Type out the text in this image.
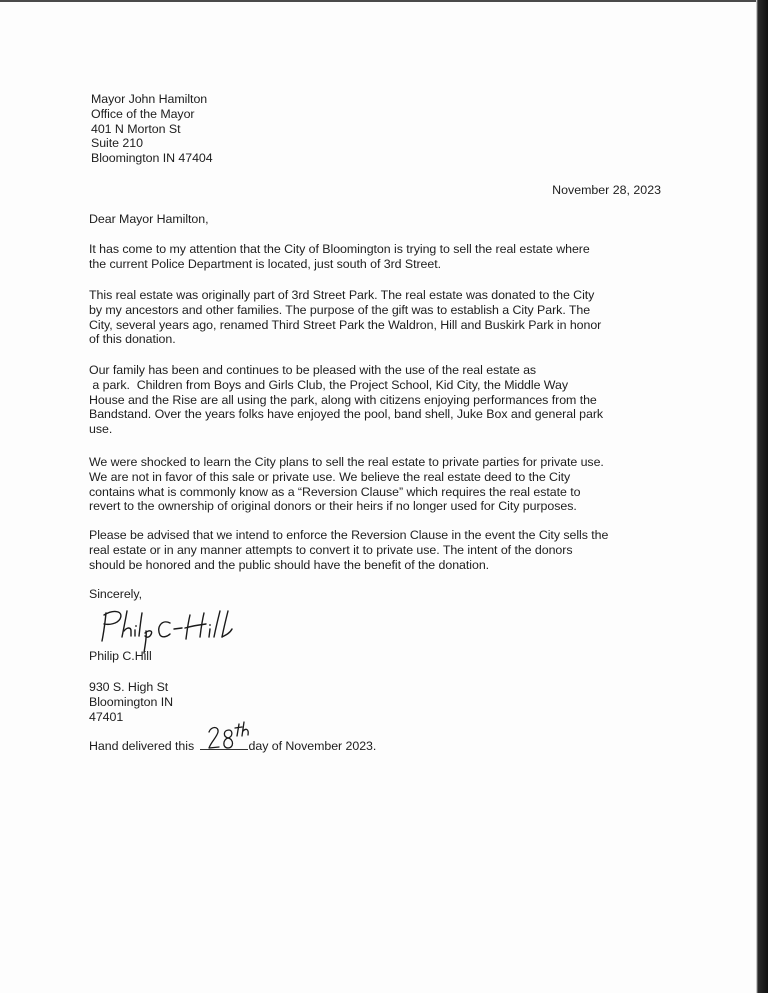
Mayor John Hamilton
Office of the Mayor
401 N Morton St
Suite 210
Bloomington IN 47404
November 28, 2023
Dear Mayor Hamilton,
It has come to my attention that the City of Bloomington is trying to sell the real estate where
the current Police Department is located, just south of 3rd Street.
This real estate was originally part of 3rd Street Park. The real estate was donated to the City
by my ancestors and other families. The purpose of the gift was to establish a City Park. The
City, several years ago, renamed Third Street Park the Waldron, Hill and Buskirk Park in honor
of this donation.
Our family has been and continues to be pleased with the use of the real estate as
a park.  Children from Boys and Girls Club, the Project School, Kid City, the Middle Way
House and the Rise are all using the park, along with citizens enjoying performances from the
Bandstand. Over the years folks have enjoyed the pool, band shell, Juke Box and general park
use.
We were shocked to learn the City plans to sell the real estate to private parties for private use.
We are not in favor of this sale or private use. We believe the real estate deed to the City
contains what is commonly know as a “Reversion Clause” which requires the real estate to
revert to the ownership of original donors or their heirs if no longer used for City purposes.
Please be advised that we intend to enforce the Reversion Clause in the event the City sells the
real estate or in any manner attempts to convert it to private use. The intent of the donors
should be honored and the public should have the benefit of the donation.
Sincerely,
Philip C.Hill
930 S. High St
Bloomington IN
47401
Hand delivered this	day of November 2023.
